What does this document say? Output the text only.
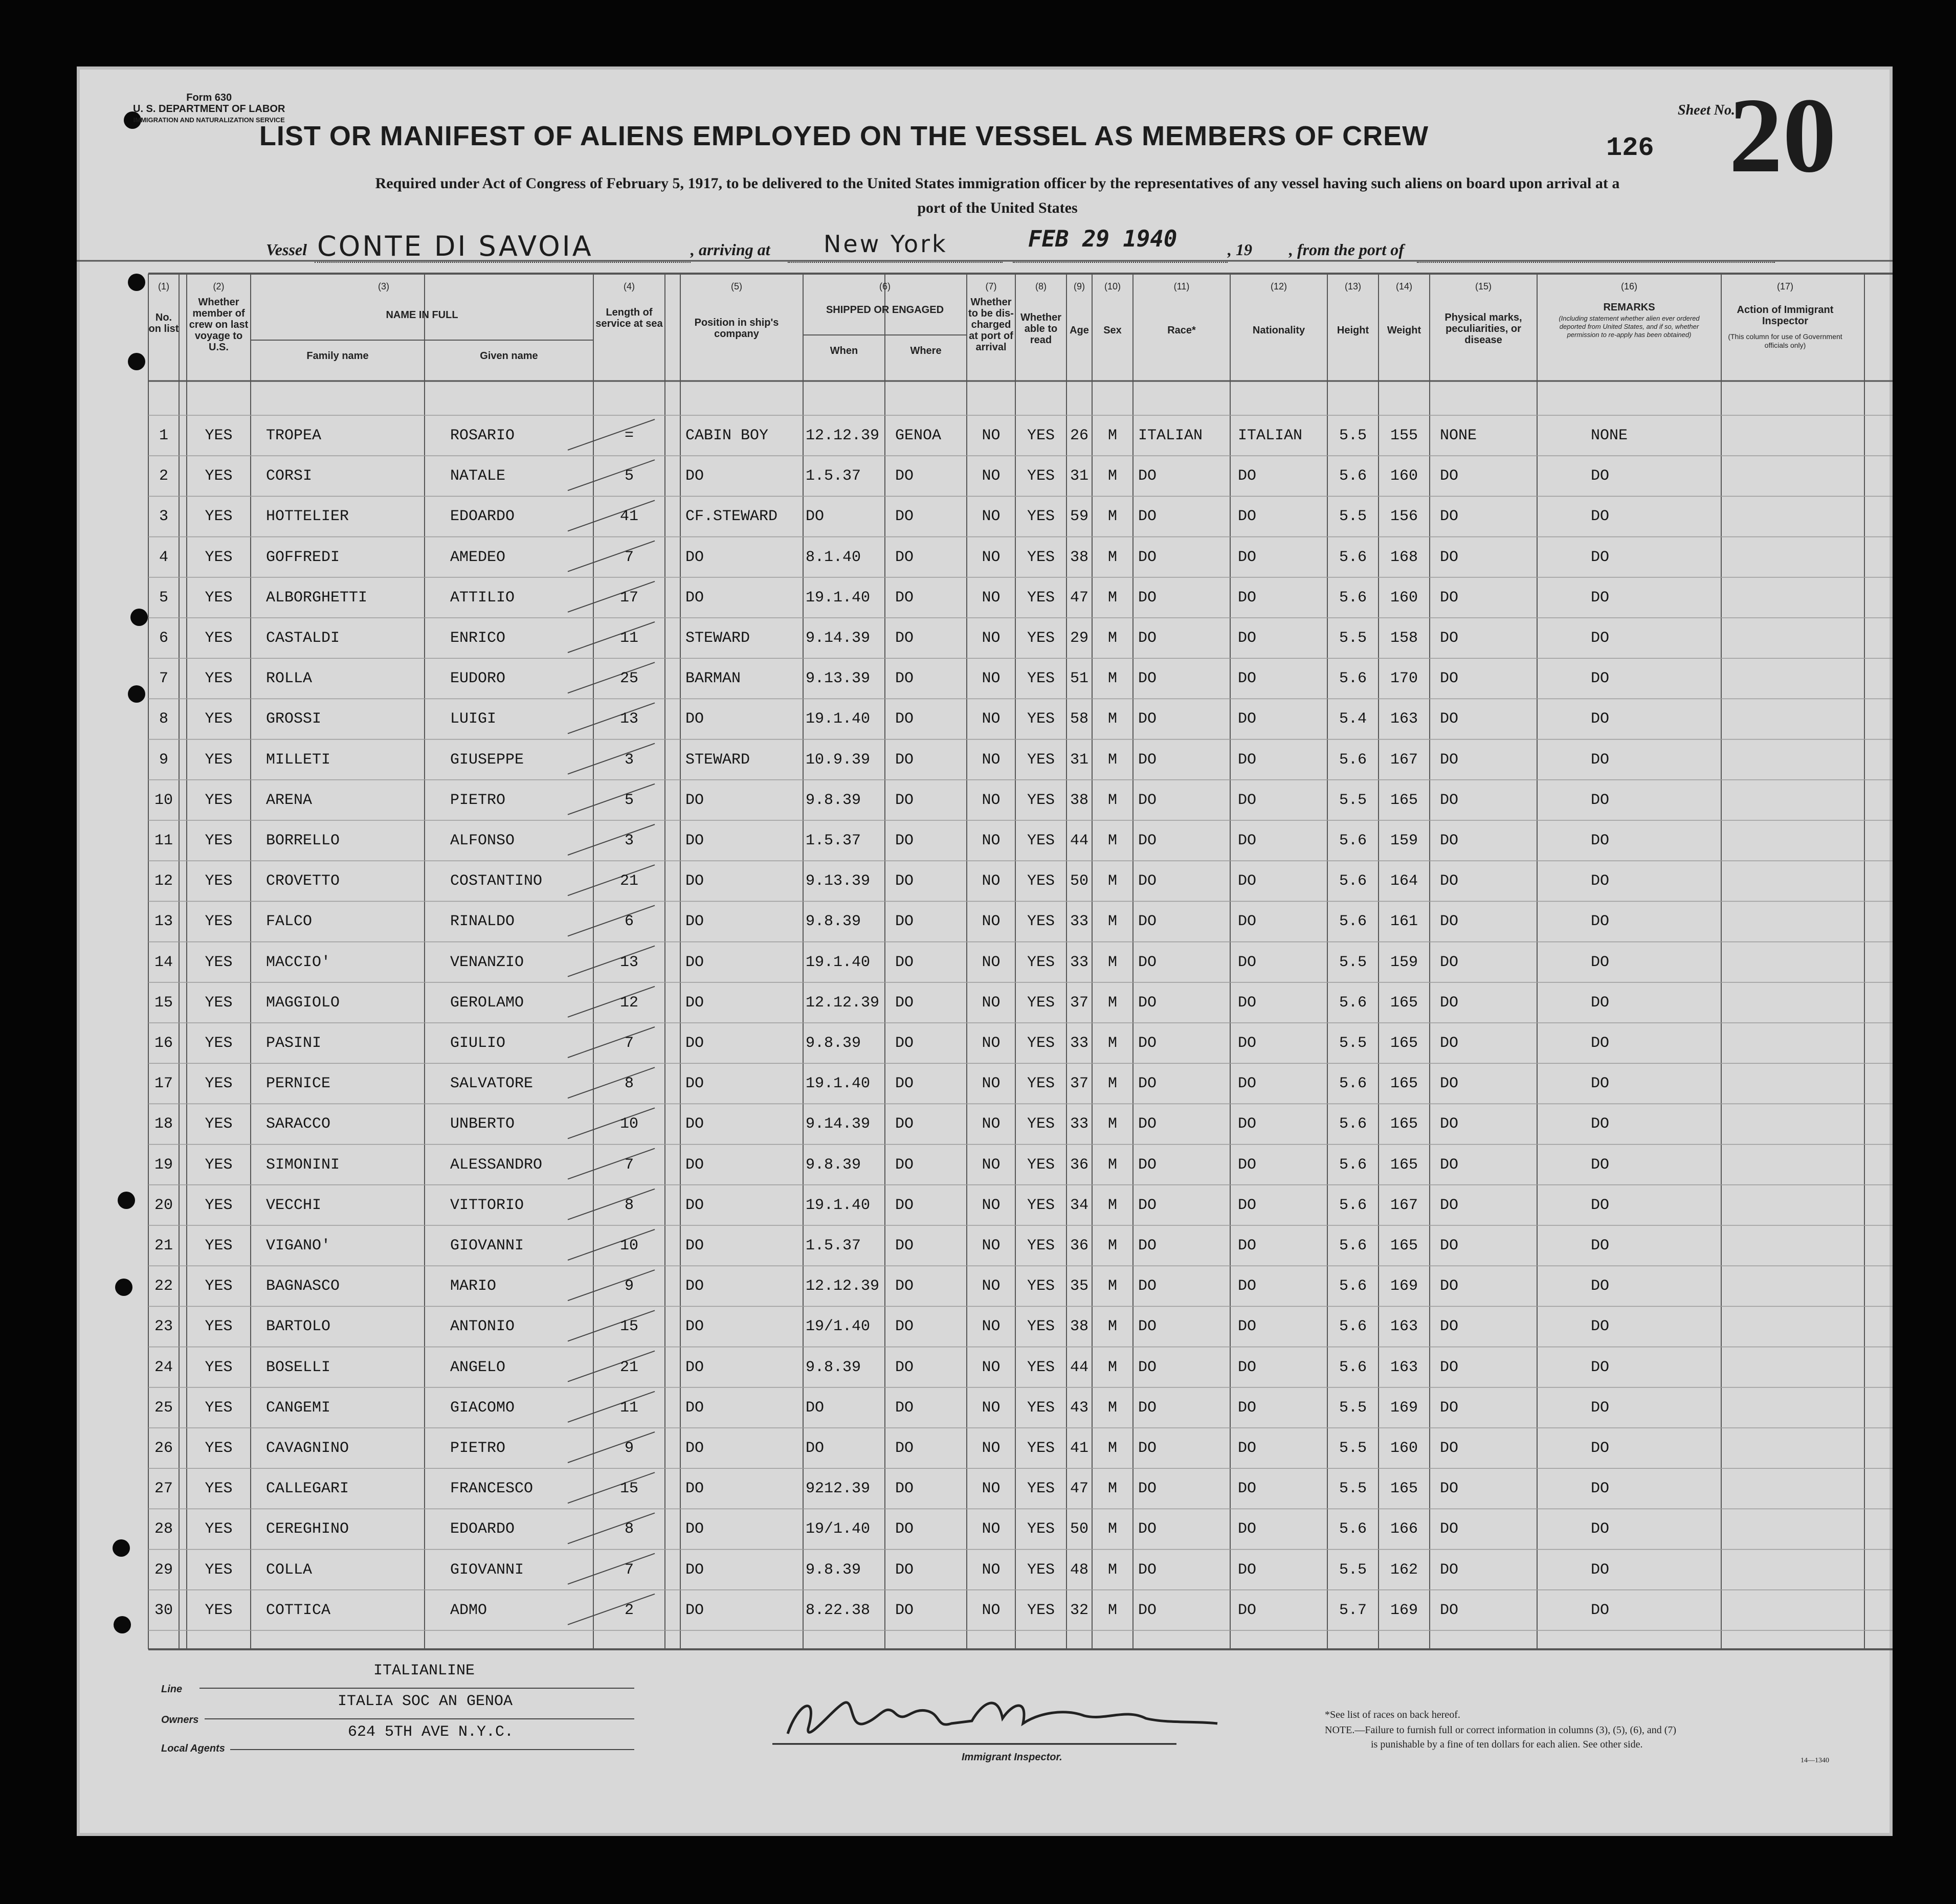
Form 630
U. S. DEPARTMENT OF LABOR
IMMIGRATION AND NATURALIZATION SERVICE
LIST OR MANIFEST OF ALIENS EMPLOYED ON THE VESSEL AS MEMBERS OF CREW	126
Sheet No.
20
Required under Act of Congress of February 5, 1917, to be delivered to the United States immigration officer by the representatives of any vessel having such aliens on board upon arrival at a
port of the United States
Vessel CONTE DI SAVOIA	, arriving at New York	FEB 29 1940	, 19 , from the port of
(1)	(2)	(3)	(4)	(5)	(6)	(7)	(8)	(9)	(10)	(11)	(12)	(13)	(14)	(15)	(16)	(17)
No. on list
Whether member of crew on last voyage to U.S.
NAME IN FULL
Family name	Given name
Length of service at sea	Position in ship's company
SHIPPED OR ENGAGED
When	Where
Whether to be dis-charged at port of arrival
Whether able to read
Age	Sex	Race*	Nationality	Height	Weight
Physical marks, peculiarities, or disease
REMARKS
(Including statement whether alien ever ordered deported from United States, and if so, whether permission to re-apply has been obtained)
Action of Immigrant Inspector
(This column for use of Government officials only)
1	YES	TROPEA	ROSARIO	=	CABIN BOY	12.12.39	GENOA	NO	YES 26	M	ITALIAN	ITALIAN	5.5	155	NONE	NONE
2	YES	CORSI	NATALE	5	DO	1.5.37	DO	NO	YES 31	M	DO	DO	5.6	160	DO	DO
3	YES	HOTTELIER	EDOARDO	41	CF.STEWARD	DO	DO	NO	YES 59	M	DO	DO	5.5	156	DO	DO
4	YES	GOFFREDI	AMEDEO	7	DO	8.1.40	DO	NO	YES 38	M	DO	DO	5.6	168	DO	DO
5	YES	ALBORGHETTI	ATTILIO	17	DO	19.1.40	DO	NO	YES 47	M	DO	DO	5.6	160	DO	DO
6	YES	CASTALDI	ENRICO	11	STEWARD	9.14.39	DO	NO	YES 29	M	DO	DO	5.5	158	DO	DO
7	YES	ROLLA	EUDORO	25	BARMAN	9.13.39	DO	NO	YES 51	M	DO	DO	5.6	170	DO	DO
8	YES	GROSSI	LUIGI	13	DO	19.1.40	DO	NO	YES 58	M	DO	DO	5.4	163	DO	DO
9	YES	MILLETI	GIUSEPPE	3	STEWARD	10.9.39	DO	NO	YES 31	M	DO	DO	5.6	167	DO	DO
10	YES	ARENA	PIETRO	5	DO	9.8.39	DO	NO	YES 38	M	DO	DO	5.5	165	DO	DO
11	YES	BORRELLO	ALFONSO	3	DO	1.5.37	DO	NO	YES 44	M	DO	DO	5.6	159	DO	DO
12	YES	CROVETTO	COSTANTINO	21	DO	9.13.39	DO	NO	YES 50	M	DO	DO	5.6	164	DO	DO
13	YES	FALCO	RINALDO	6	DO	9.8.39	DO	NO	YES 33	M	DO	DO	5.6	161	DO	DO
14	YES	MACCIO'	VENANZIO	13	DO	19.1.40	DO	NO	YES 33	M	DO	DO	5.5	159	DO	DO
15	YES	MAGGIOLO	GEROLAMO	12	DO	12.12.39	DO	NO	YES 37	M	DO	DO	5.6	165	DO	DO
16	YES	PASINI	GIULIO	7	DO	9.8.39	DO	NO	YES 33	M	DO	DO	5.5	165	DO	DO
17	YES	PERNICE	SALVATORE	8	DO	19.1.40	DO	NO	YES 37	M	DO	DO	5.6	165	DO	DO
18	YES	SARACCO	UNBERTO	10	DO	9.14.39	DO	NO	YES 33	M	DO	DO	5.6	165	DO	DO
19	YES	SIMONINI	ALESSANDRO	7	DO	9.8.39	DO	NO	YES 36	M	DO	DO	5.6	165	DO	DO
20	YES	VECCHI	VITTORIO	8	DO	19.1.40	DO	NO	YES 34	M	DO	DO	5.6	167	DO	DO
21	YES	VIGANO'	GIOVANNI	10	DO	1.5.37	DO	NO	YES 36	M	DO	DO	5.6	165	DO	DO
22	YES	BAGNASCO	MARIO	9	DO	12.12.39	DO	NO	YES 35	M	DO	DO	5.6	169	DO	DO
23	YES	BARTOLO	ANTONIO	15	DO	19/1.40	DO	NO	YES 38	M	DO	DO	5.6	163	DO	DO
24	YES	BOSELLI	ANGELO	21	DO	9.8.39	DO	NO	YES 44	M	DO	DO	5.6	163	DO	DO
25	YES	CANGEMI	GIACOMO	11	DO	DO	DO	NO	YES 43	M	DO	DO	5.5	169	DO	DO
26	YES	CAVAGNINO	PIETRO	9	DO	DO	DO	NO	YES 41	M	DO	DO	5.5	160	DO	DO
27	YES	CALLEGARI	FRANCESCO	15	DO	9212.39	DO	NO	YES 47	M	DO	DO	5.5	165	DO	DO
28	YES	CEREGHINO	EDOARDO	8	DO	19/1.40	DO	NO	YES 50	M	DO	DO	5.6	166	DO	DO
29	YES	COLLA	GIOVANNI	7	DO	9.8.39	DO	NO	YES 48	M	DO	DO	5.5	162	DO	DO
30	YES	COTTICA	ADMO	2	DO	8.22.38	DO	NO	YES 32	M	DO	DO	5.7	169	DO	DO
Line
ITALIANLINE
Owners
ITALIA SOC AN GENOA
Local Agents
624 5TH AVE N.Y.C.
Immigrant Inspector.
*See list of races on back hereof.
NOTE.—Failure to furnish full or correct information in columns (3), (5), (6), and (7)
is punishable by a fine of ten dollars for each alien. See other side.
14—1340
